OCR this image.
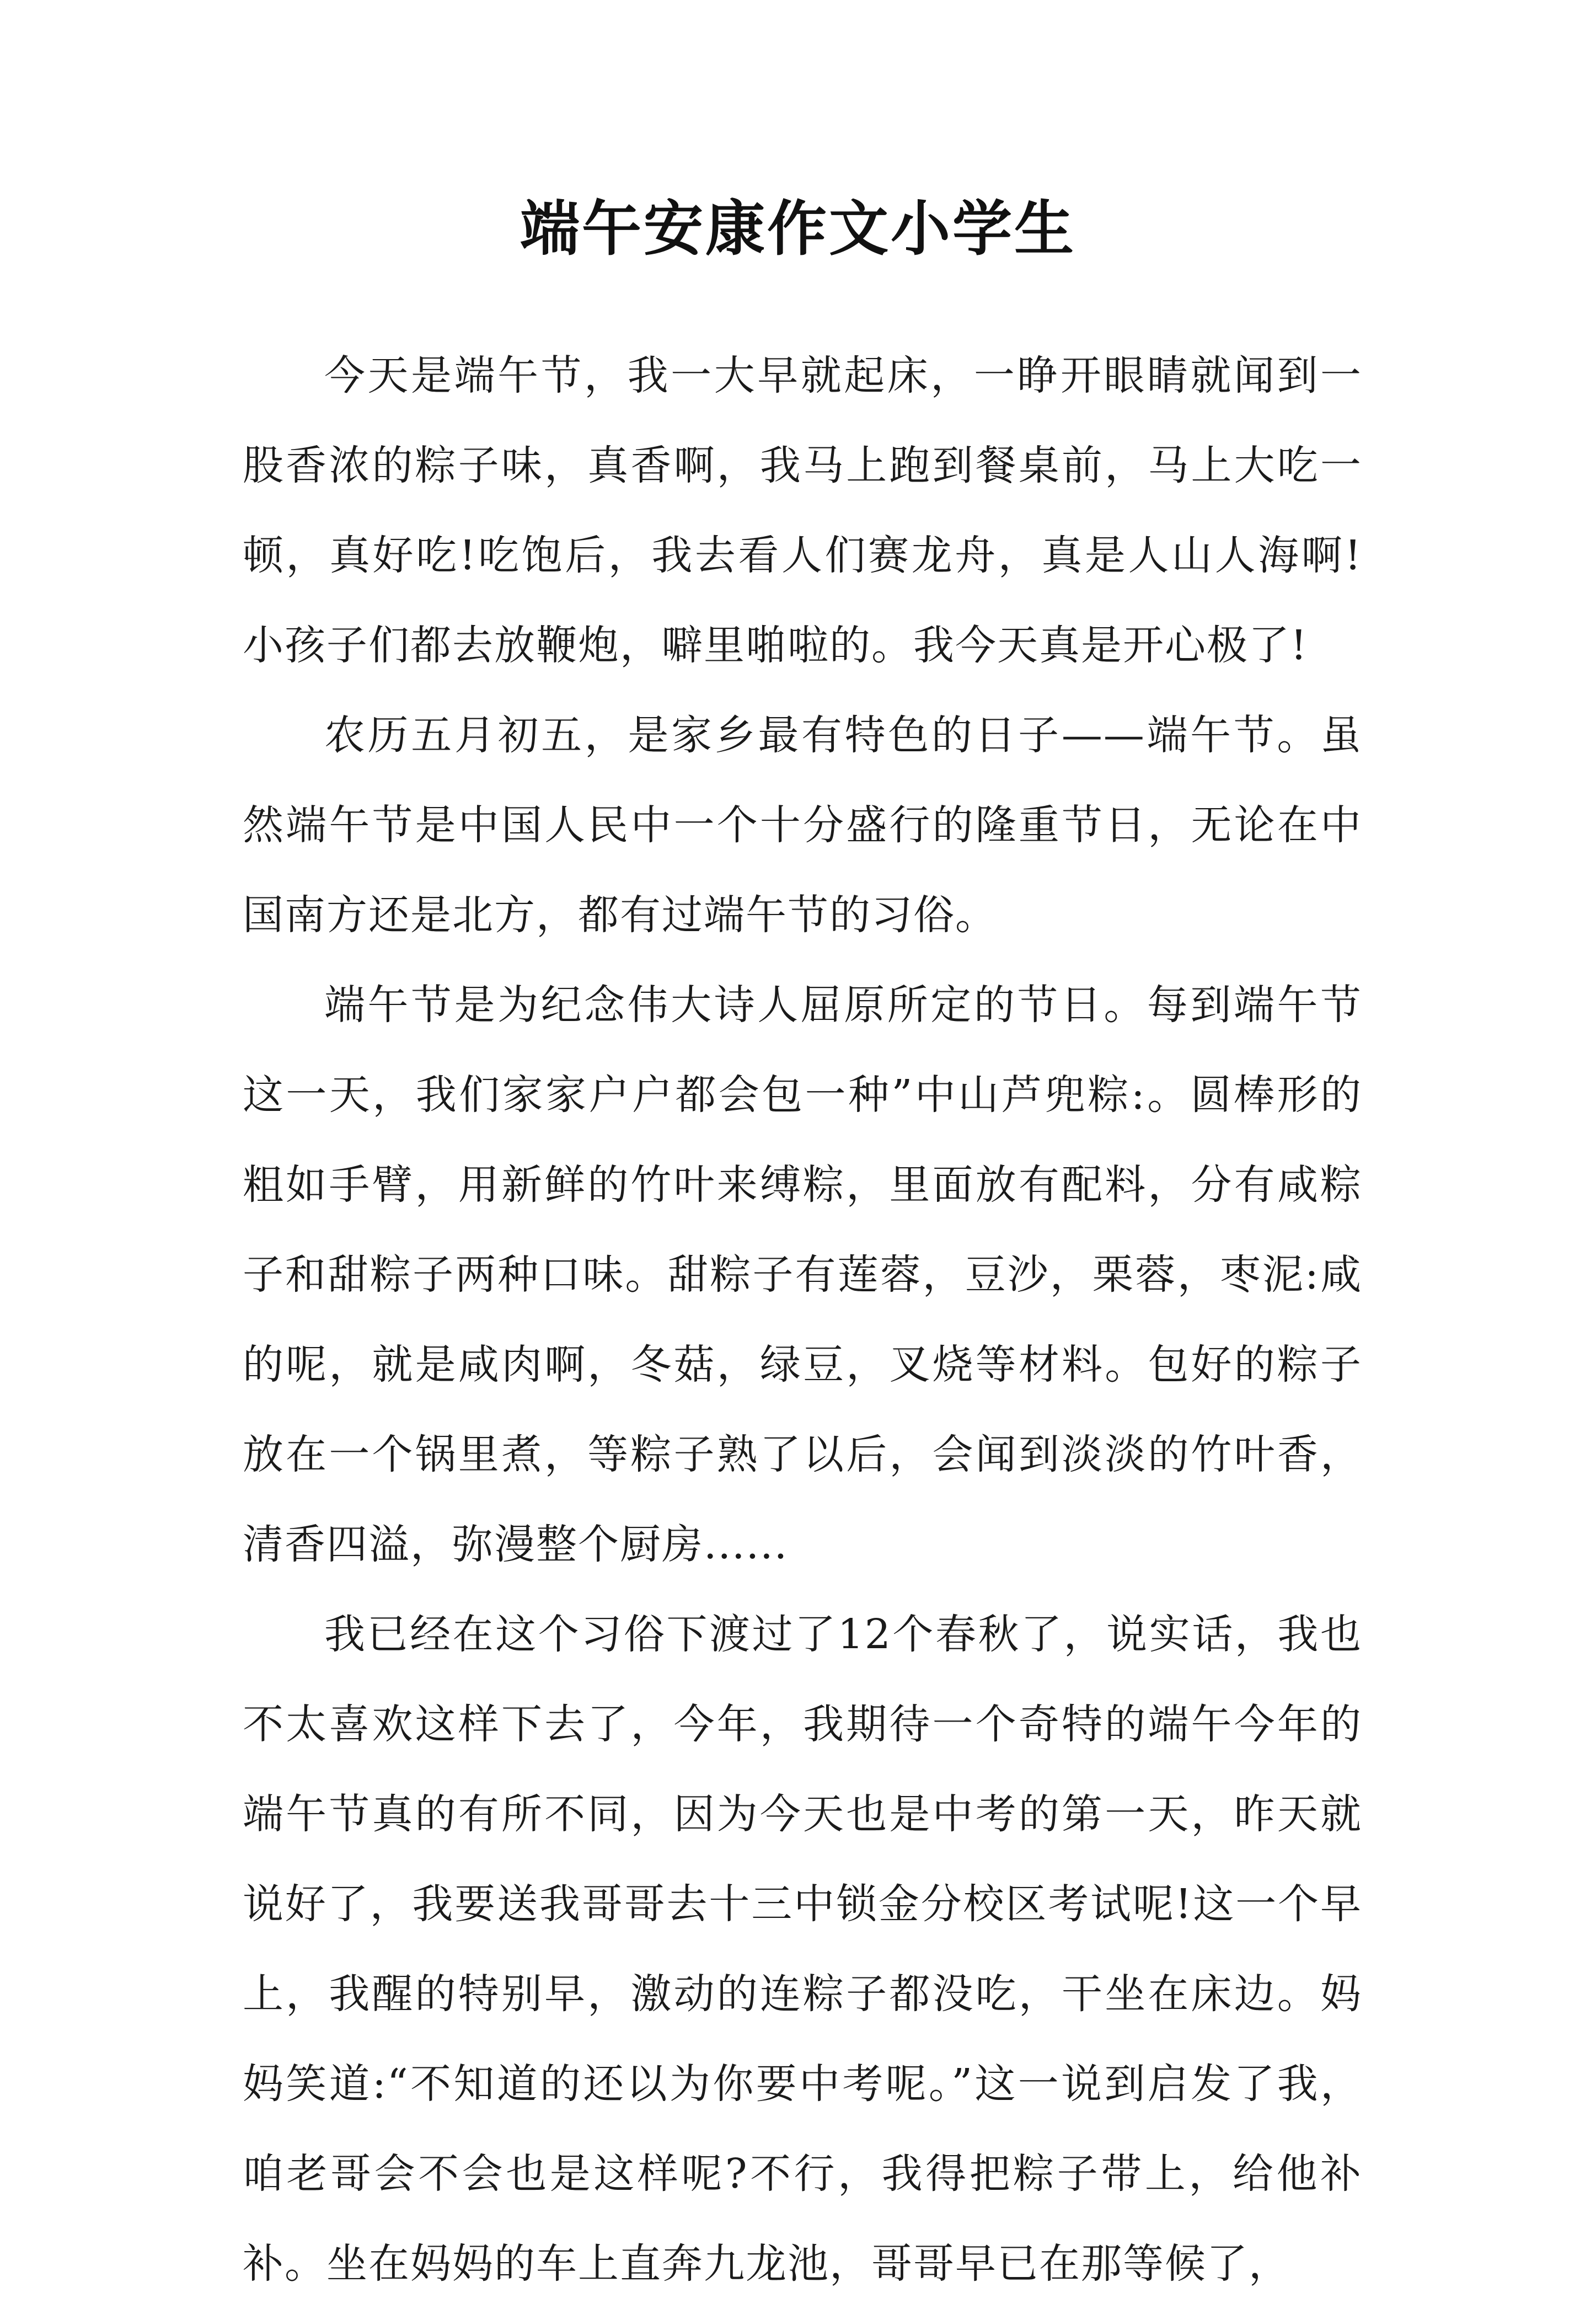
端午安康作文小学生

今天是端午节，我一大早就起床，一睁开眼睛就闻到一股香浓的粽子味，真香啊，我马上跑到餐桌前，马上大吃一顿，真好吃!吃饱后，我去看人们赛龙舟，真是人山人海啊!小孩子们都去放鞭炮，噼里啪啦的。我今天真是开心极了!

农历五月初五，是家乡最有特色的日子——端午节。虽然端午节是中国人民中一个十分盛行的隆重节日，无论在中国南方还是北方，都有过端午节的习俗。

端午节是为纪念伟大诗人屈原所定的节日。每到端午节这一天，我们家家户户都会包一种”中山芦兜粽:。圆棒形的粗如手臂，用新鲜的竹叶来缚粽，里面放有配料，分有咸粽子和甜粽子两种口味。甜粽子有莲蓉，豆沙，栗蓉，枣泥:咸的呢，就是咸肉啊，冬菇，绿豆，叉烧等材料。包好的粽子放在一个锅里煮，等粽子熟了以后，会闻到淡淡的竹叶香，清香四溢，弥漫整个厨房......

我已经在这个习俗下渡过了12个春秋了，说实话，我也不太喜欢这样下去了，今年，我期待一个奇特的端午今年的端午节真的有所不同，因为今天也是中考的第一天，昨天就说好了，我要送我哥哥去十三中锁金分校区考试呢!这一个早上，我醒的特别早，激动的连粽子都没吃，干坐在床边。妈妈笑道:“不知道的还以为你要中考呢。”这一说到启发了我，咱老哥会不会也是这样呢?不行，我得把粽子带上，给他补补。坐在妈妈的车上直奔九龙池，哥哥早已在那等候了，
